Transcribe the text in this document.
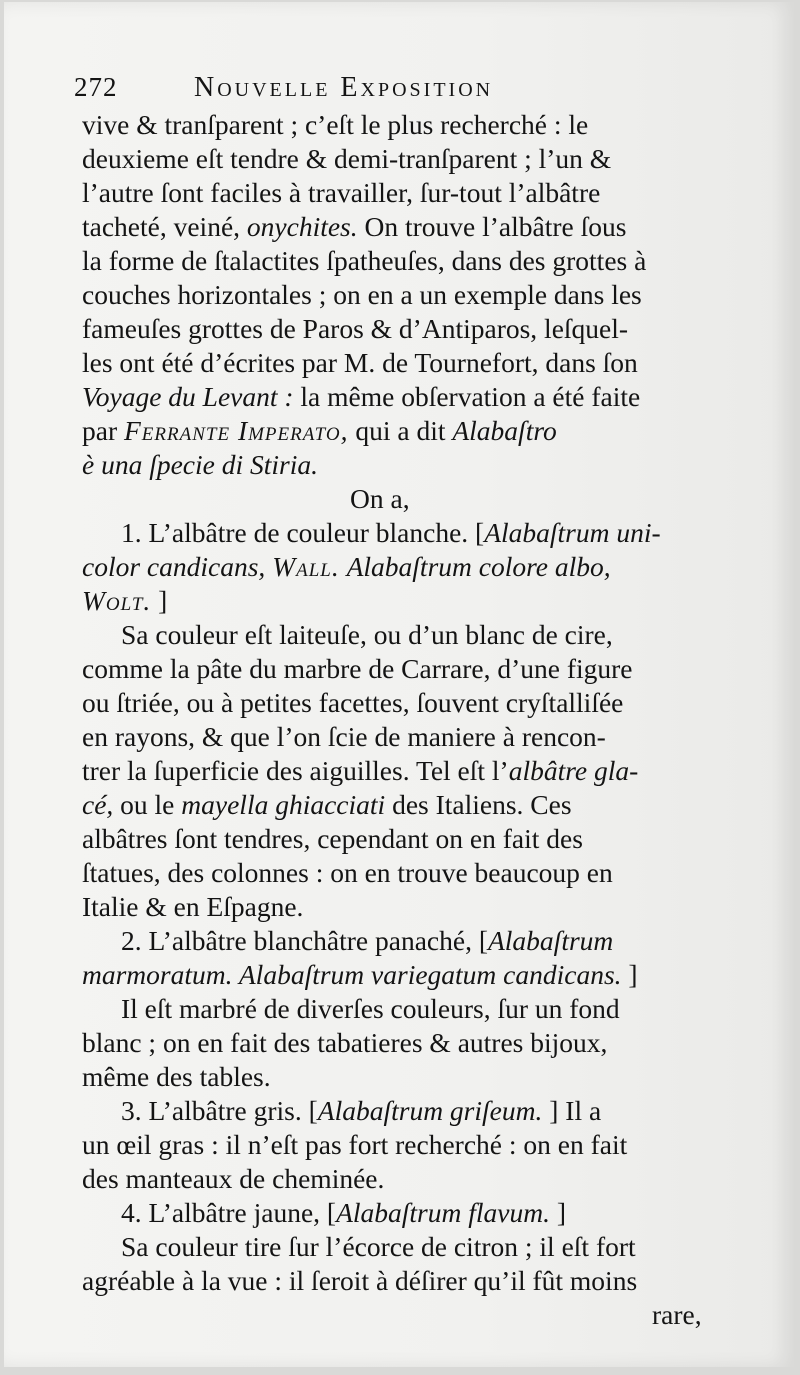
272	Nouvelle Exposition
vive & tranſparent ; c’eſt le plus recherché : le
deuxieme eſt tendre & demi-tranſparent ; l’un &
l’autre ſont faciles à travailler, ſur-tout l’albâtre
tacheté, veiné, onychites. On trouve l’albâtre ſous
la forme de ſtalactites ſpatheuſes, dans des grottes à
couches horizontales ; on en a un exemple dans les
fameuſes grottes de Paros & d’Antiparos, leſquel-
les ont été d’écrites par M. de Tournefort, dans ſon
Voyage du Levant : la même obſervation a été faite
par Ferrante Imperato, qui a dit Alabaſtro
è una ſpecie di Stiria.
On a,
1. L’albâtre de couleur blanche. [Alabaſtrum uni-
color candicans, Wall. Alabaſtrum colore albo,
Wolt. ]
Sa couleur eſt laiteuſe, ou d’un blanc de cire,
comme la pâte du marbre de Carrare, d’une figure
ou ſtriée, ou à petites facettes, ſouvent cryſtalliſée
en rayons, & que l’on ſcie de maniere à rencon-
trer la ſuperficie des aiguilles. Tel eſt l’albâtre gla-
cé, ou le mayella ghiacciati des Italiens. Ces
albâtres ſont tendres, cependant on en fait des
ſtatues, des colonnes : on en trouve beaucoup en
Italie & en Eſpagne.
2. L’albâtre blanchâtre panaché, [Alabaſtrum
marmoratum. Alabaſtrum variegatum candicans. ]
Il eſt marbré de diverſes couleurs, ſur un fond
blanc ; on en fait des tabatieres & autres bijoux,
même des tables.
3. L’albâtre gris. [Alabaſtrum griſeum. ] Il a
un œil gras : il n’eſt pas fort recherché : on en fait
des manteaux de cheminée.
4. L’albâtre jaune, [Alabaſtrum flavum. ]
Sa couleur tire ſur l’écorce de citron ; il eſt fort
agréable à la vue : il ſeroit à déſirer qu’il fût moins
rare,
